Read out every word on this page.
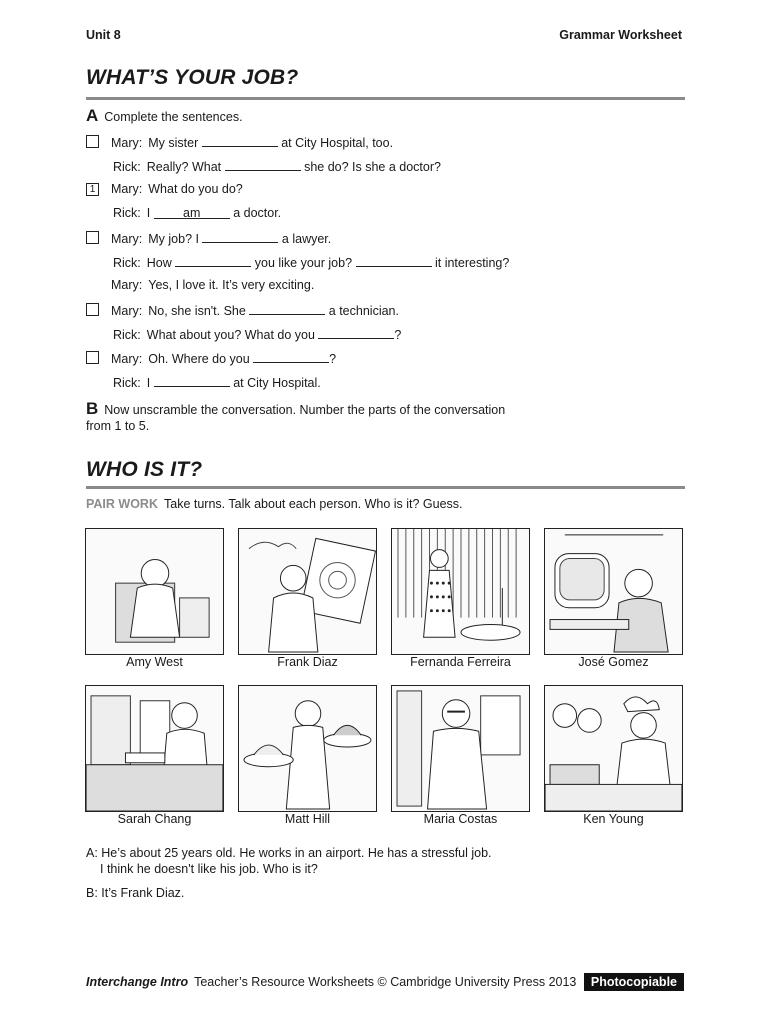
Unit 8	Grammar Worksheet
WHAT’S YOUR JOB?
A Complete the sentences.
Mary: My sister	at City Hospital, too.
Rick: Really? What	she do? Is she a doctor?
1 Mary: What do you do?
Rick: I am a doctor.
Mary: My job? I	a lawyer.
Rick: How	you like your job?	it interesting?
Mary: Yes, I love it. It’s very exciting.
Mary: No, she isn't. She	a technician.
Rick: What about you? What do you	?
Mary: Oh. Where do you	?
Rick: I	at City Hospital.
B Now unscramble the conversation. Number the parts of the conversation
from 1 to 5.
WHO IS IT?
PAIR WORK Take turns. Talk about each person. Who is it? Guess.
Amy West	Frank Diaz	Fernanda Ferreira	José Gomez
Sarah Chang	Matt Hill	Maria Costas	Ken Young
A: He’s about 25 years old. He works in an airport. He has a stressful job.
I think he doesn't like his job. Who is it?
B: It’s Frank Diaz.
Interchange Intro Teacher’s Resource Worksheets © Cambridge University Press 2013	Photocopiable
